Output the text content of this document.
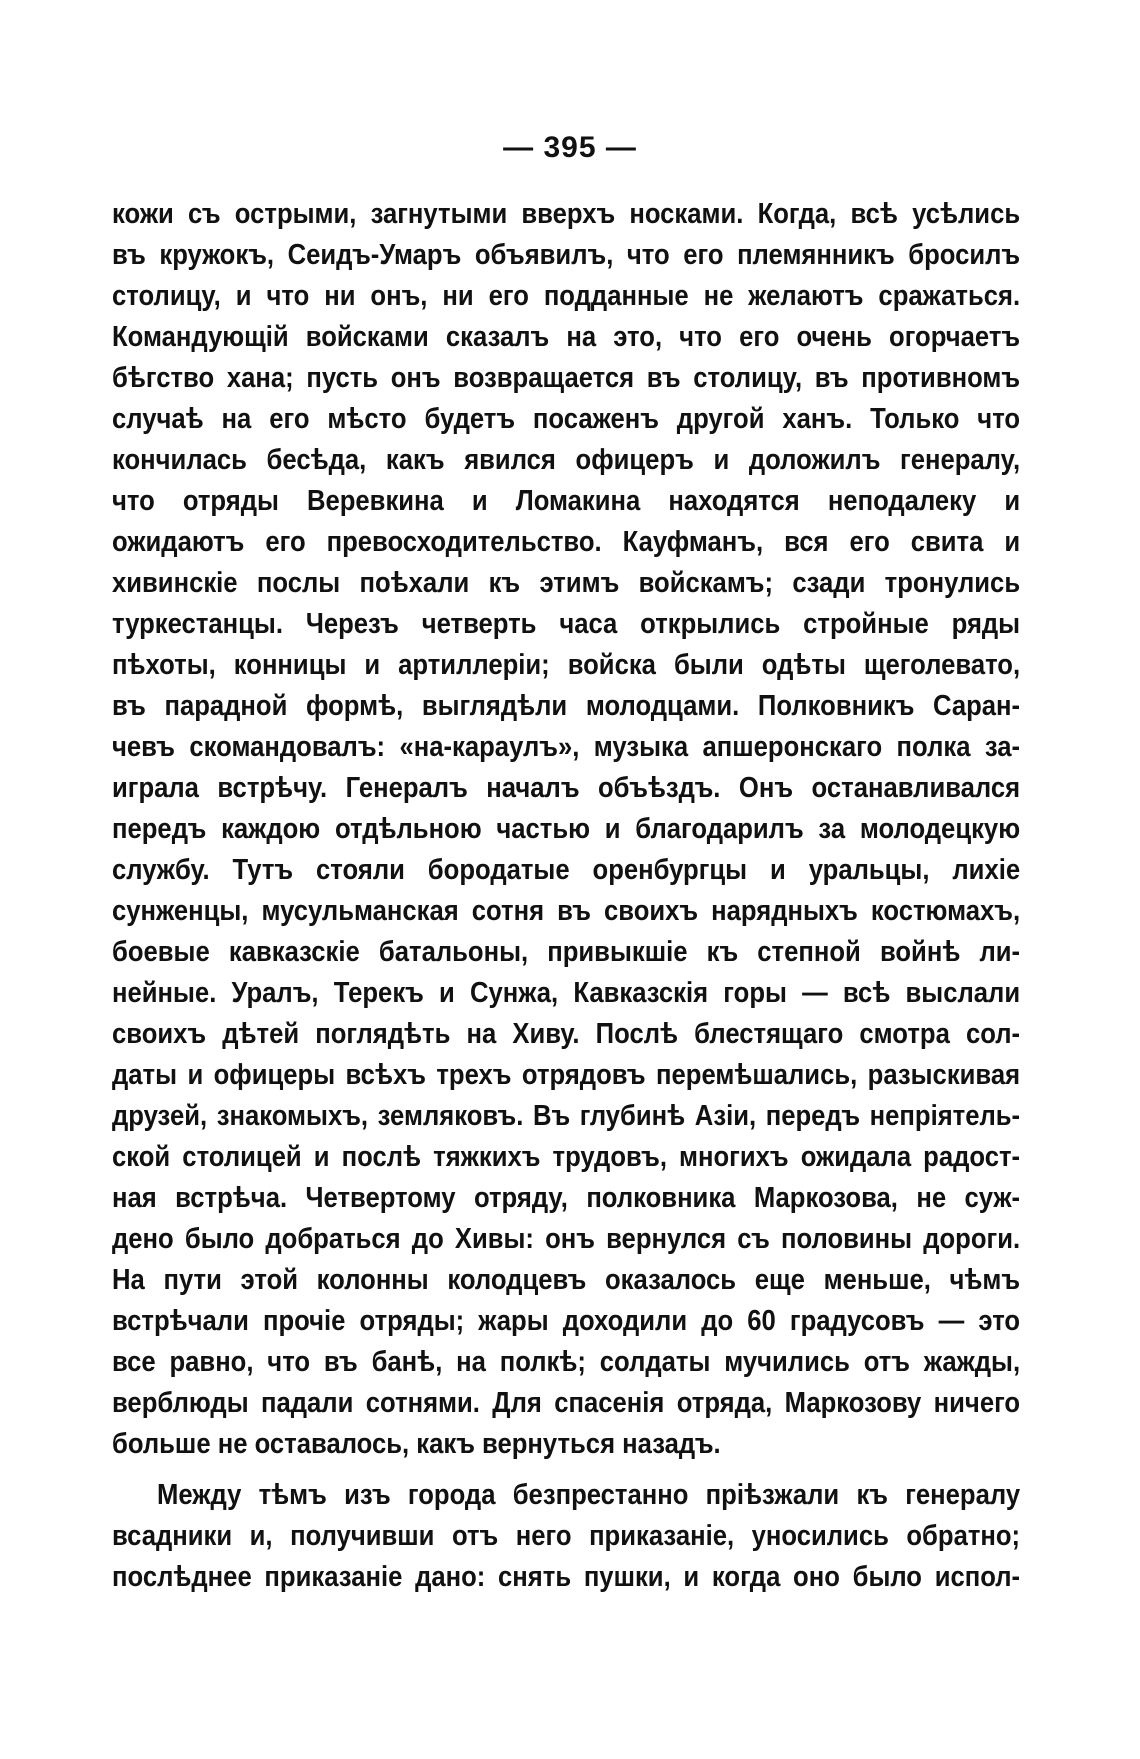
— 395 —
кожи съ острыми, загнутыми вверхъ носками. Когда, всѣ усѣлись
въ кружокъ, Сеидъ-Умаръ объявилъ, что его племянникъ бросилъ
столицу, и что ни онъ, ни его подданные не желаютъ сражаться.
Командующій войсками сказалъ на это, что его очень огорчаетъ
бѣгство хана; пусть онъ возвращается въ столицу, въ противномъ
случаѣ на его мѣсто будетъ посаженъ другой ханъ. Только что
кончилась бесѣда, какъ явился офицеръ и доложилъ генералу,
что отряды Веревкина и Ломакина находятся неподалеку и
ожидаютъ его превосходительство. Кауфманъ, вся его свита и
хивинскіе послы поѣхали къ этимъ войскамъ; сзади тронулись
туркестанцы. Черезъ четверть часа открылись стройные ряды
пѣхоты, конницы и артиллеріи; войска были одѣты щеголевато,
въ парадной формѣ, выглядѣли молодцами. Полковникъ Саран-
чевъ скомандовалъ: «на-караулъ», музыка апшеронскаго полка за-
играла встрѣчу. Генералъ началъ объѣздъ. Онъ останавливался
передъ каждою отдѣльною частью и благодарилъ за молодецкую
службу. Тутъ стояли бородатые оренбургцы и уральцы, лихіе
сунженцы, мусульманская сотня въ своихъ нарядныхъ костюмахъ,
боевые кавказскіе батальоны, привыкшіе къ степной войнѣ ли-
нейные. Уралъ, Терекъ и Сунжа, Кавказскія горы — всѣ выслали
своихъ дѣтей поглядѣть на Хиву. Послѣ блестящаго смотра сол-
даты и офицеры всѣхъ трехъ отрядовъ перемѣшались, разыскивая
друзей, знакомыхъ, земляковъ. Въ глубинѣ Азіи, передъ непріятель-
ской столицей и послѣ тяжкихъ трудовъ, многихъ ожидала радост-
ная встрѣча. Четвертому отряду, полковника Маркозова, не суж-
дено было добраться до Хивы: онъ вернулся съ половины дороги.
На пути этой колонны колодцевъ оказалось еще меньше, чѣмъ
встрѣчали прочіе отряды; жары доходили до 60 градусовъ — это
все равно, что въ банѣ, на полкѣ; солдаты мучились отъ жажды,
верблюды падали сотнями. Для спасенія отряда, Маркозову ничего
больше не оставалось, какъ вернуться назадъ.
Между тѣмъ изъ города безпрестанно пріѣзжали къ генералу
всадники и, получивши отъ него приказаніе, уносились обратно;
послѣднее приказаніе дано: снять пушки, и когда оно было испол-
